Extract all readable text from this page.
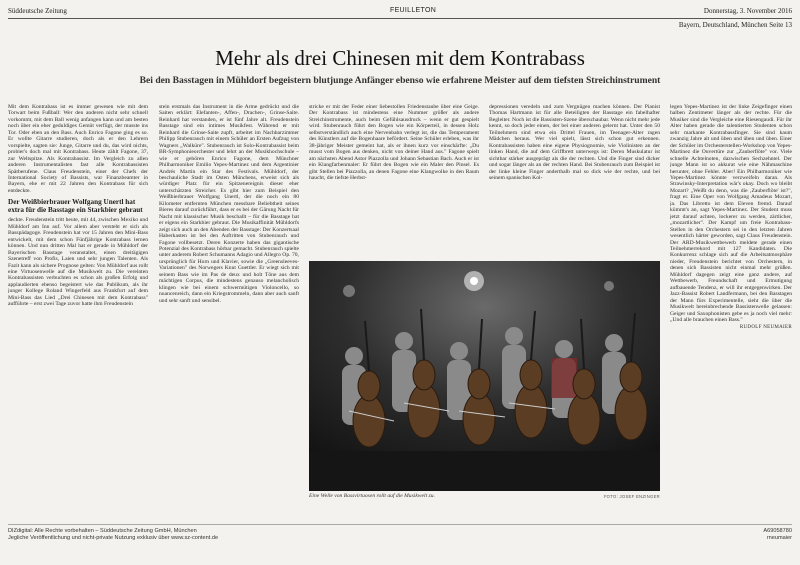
Süddeutsche Zeitung	FEUILLETON	Donnerstag, 3. November 2016
Bayern, Deutschland, München Seite 13
Mehr als drei Chinesen mit dem Kontrabass
Bei den Basstagen in Mühldorf begeistern blutjunge Anfänger ebenso wie erfahrene Meister auf dem tiefsten Streichinstrument

Mit dem Kontrabass ist es immer gewesen wie mit dem Torwart beim Fußball: Wer den anderen nicht sehr schnell vorkommt, mit dem Ball wenig anfangen kann und am besten noch über ein eher geduldiges Gemüt verfügt, der musste ins Tor. Oder eben an den Bass. Auch Enrico Fagone ging es so. Er wollte Gitarre studieren, doch als er den Lehrern vorspielte, sagten sie: Junge, Gitarre und du, das wird nichts, probier's doch mal mit Kontrabass. Heute zählt Fagone, 37, zur Weltspitze. Als Kontrabassist. Im Vergleich zu allen anderen Instrumentalisten fast alle Kontrabassisten Spätberufene. Claus Freudenstein, einer der Chefs der International Society of Bassists, war Finanzbeamter in Bayern, ehe er mit 22 Jahren den Kontrabass für sich entdeckte.

Der Weißbierbrauer Wolfgang Unertl hat extra für die Basstage ein Starkbier gebraut

deckte. Freudenstein tritt heute, mit 44, zwischen Mexiko und Mühldorf am Inn auf. Vor allem aber versteht er sich als Basspädagoge. Freudenstein hat vor 15 Jahren den Mini-Bass entwickelt, mit dem schon Fünfjährige Kontrabass lernen können. Und nun dritten Mal hat er gerade in Mühldorf der Bayerischen Basstage veranstaltet, einen dreitägigen Szenetreff von Profis, Laien und sehr jungen Talenten. Als Fazit kann als sichere Prognose gelten: Von Mühldorf aus rollt eine Virtuosenwelle auf die Musikwelt zu. Die vereinten Kontrabassisten verbuchten es schon als großen Erfolg und applaudierten ebenso begeistert wie das Publikum, als ihr junger Kollege Roland Wingerfeld aus Frankfurt auf dem Mini-Bass das Lied „Drei Chinesen mit dem Kontrabass" aufführte – erst zwei Tage zuvor hatte ihm Freudenstein

stein erstmals das Instrument in die Arme gedrückt und die Saiten erklärt: Elefanten-, Affen-, Drachen-, Grinse-Saite. Reinhard hat verstanden, er ist fünf Jahre alt. Freudenstein Basstage sind ein intimes Musikfest. Während er mit Reinhard die Grinse-Saite zupft, arbeitet im Nachbarzimmer Philipp Stubenrauch mit einem Schüler an Ersten Aufzug von Wagners „Walküre". Stubenrauch ist Solo-Kontrabassist beim BR-Symphonieorchester und lehrt an der Musikhochschule – wie er gehören Enrico Fagone, dem Münchner Philharmoniker Emilio Yepes-Martinez und dem Argentinier Andrés Martin ein Star des Festivals. Mühldorf, der beschauliche Stadt im Osten Münchens, erweist sich als würdiger Platz für ein Spitzenereignis dieser eher unterschätzten Streicher. Es gibt hier zum Beispiel den Weißbierbrauer Wolfgang Unertl, der die noch ein 80 Kilometer entfernten München messbare Beliebtheit seines Bieres darauf zurückführt, dass er es bei der Gärung Nacht für Nacht mit klassischer Musik beschallt – für die Basstage hat er eigens ein Starkbier gebraut. Die Musikaffinität Mühldorfs zeigt sich auch an den Abenden der Basstage: Der Konzertsaal Haberkasten ist bei den Auftritten von Stubenrauch und Fagone vollbesetzt. Deren Konzerte haben das gigantische Potenzial des Kontrabass hörbar gemacht. Stubenrauch spielte unter anderem Robert Schumanns Adagio und Allegro Op. 70, ursprünglich für Horn und Klavier, sowie die „Greensleeves-Variationen" des Norwegers Knut Guettler. Er wiegt sich mit seinem Bass wie im Pas de deux und holt Töne aus dem mächtigen Corpus, die mindestens genauso melancholisch klingen wie bei einem schwermütigen Violoncello, so nuancenreich, dann ein Kriegstrommeln, dann aber auch sanft und sehr sanft und sensibel.

stricke er mit der Feder einer liebestollen Friedenstaube über eine Geige. Der Kontrabass ist mindestens eine Nummer größer als andere Streichinstrumente, auch beim Gefühlsausdruck – wenn er gut gespielt wird. Stubenrauch führt den Bogen wie ein Körperteil, in dessen Holz selbstverständlich auch eine Nervenbahn verlegt ist, die das Temperament des Künstlers auf die Bogenhaare befördert. Seine Schüler erleben, was ihr 38-jähriger Meister gemeint hat, als er ihnen kurz vor einschärfte: „Du musst vom Bogen aus denken, nicht von deiner Hand aus." Fagone spielt am nächsten Abend Astor Piazzolla und Johann Sebastian Bach. Auch er ist ein Klangfarbenmaler: Er führt den Bogen wie ein Maler den Pinsel. Es gibt Stellen bei Piazzolla, an denen Fagone eine Klangwolke in den Raum haucht, die tiefste Herbst-

depressionen veredeln und zum Vergnügen machen können. Der Pianist Thomas Hartmann ist für alle Beteiligten der Basstage ein fabelhafter Begleiter. Noch ist die Bassisten-Szene überschaubar. Wenn nicht mehr jede kennt, so doch jeder einen, der bei einer anderen gelernt hat. Unter den 50 Teilnehmern sind etwa ein Drittel Frauen, im Teenager-Alter ragen Mädchen heraus. Wer viel spielt, lässt sich schon gut erkennen. Kontrabassisten haben eine eigene Physiognomie, wie Violinisten an der linken Hand, die auf dem Griffbrett unterwegs ist: Deren Muskulatur ist sichtbar stärker ausgeprägt als die der rechten. Und die Finger sind dicker und sogar länger als an der rechten Hand. Bei Stubenrauch zum Beispiel ist der linke kleine Finger anderthalb mal so dick wie der rechte, und bei seinem spanischen Kol-

legen Yepes-Martinez ist der linke Zeigefinger einen halben Zentimeter länger als der rechte. Für die Musiker sind die Vergleiche eine Riesengaudi. Für ihr Alter haben gerade die talentierten Studenten schon sehr markante Kontrabassfinger. Sie sind kaum zwanzig Jahre alt und üben und üben und üben. Einer der Schüler im Orchesterstellen-Workshop von Yepes-Martinez die Ouvertüre zur „Zauberflöte" vor. Viele schnelle Achtelnoten, dazwischen Sechzehntel. Der junge Mann ist so akkurat wie eine Nähmaschine herunter, ohne Fehler. Aber! Ein Philharmoniker wie Yepes-Martinez könnte verzweifeln daran. Als Strawinsky-Interpretation wär's okay. Doch wo bleibt Mozart? „Weißt du denn, was die ‚Zauberflöte' ist?", fragt er. Eine Oper von Wolfgang Amadeus Mozart, ja. Das Libretto ist dem Eleven fremd. Darauf kümmt's an, sagt Yepes-Martinez. Der Student muss jetzt darauf achten, lockerer zu werden, zärtlicher, „mozartlicher". Der Kampf um freie Kontrabass-Stellen in den Orchestern sei in den letzten Jahren wesentlich härter geworden, sagt Claus Freudenstein. Der ARD-Musikwettbewerb meldete gerade einen Teilnehmerrekord mit 127 Kandidaten. Die Konkurrenz schlage sich auf die Arbeitsatmosphäre nieder, Freudenstein berichtet von Orchestern, in denen sich Bassisten nicht einmal mehr grüßen. Mühldorf dagegen zeigt eine ganz andere, auf Wettbewerb, Freundschaft und Ermutigung aufbauende Tendenz, er will ihr entgegenwirken. Der Jazz-Bassist Robert Landfermann, bei den Basstagen der Mann fürs Experimentelle, sieht die über die Musikwelt hereinbrechende Bassistenwelle gelassen: Geiger und Saxophonisten gebe es ja noch viel mehr: „Und alle brauchen einen Bass."

RUDOLF NEUMAIER

Eine Welle von Bassvirtuosen rollt auf die Musikwelt zu.	FOTO: JOSEF ENZINGER
DIZdigital: Alle Rechte vorbehalten – Süddeutsche Zeitung GmbH, München
Jegliche Veröffentlichung und nicht-private Nutzung exklusiv über www.sz-content.de
A69058780
rneumaier
